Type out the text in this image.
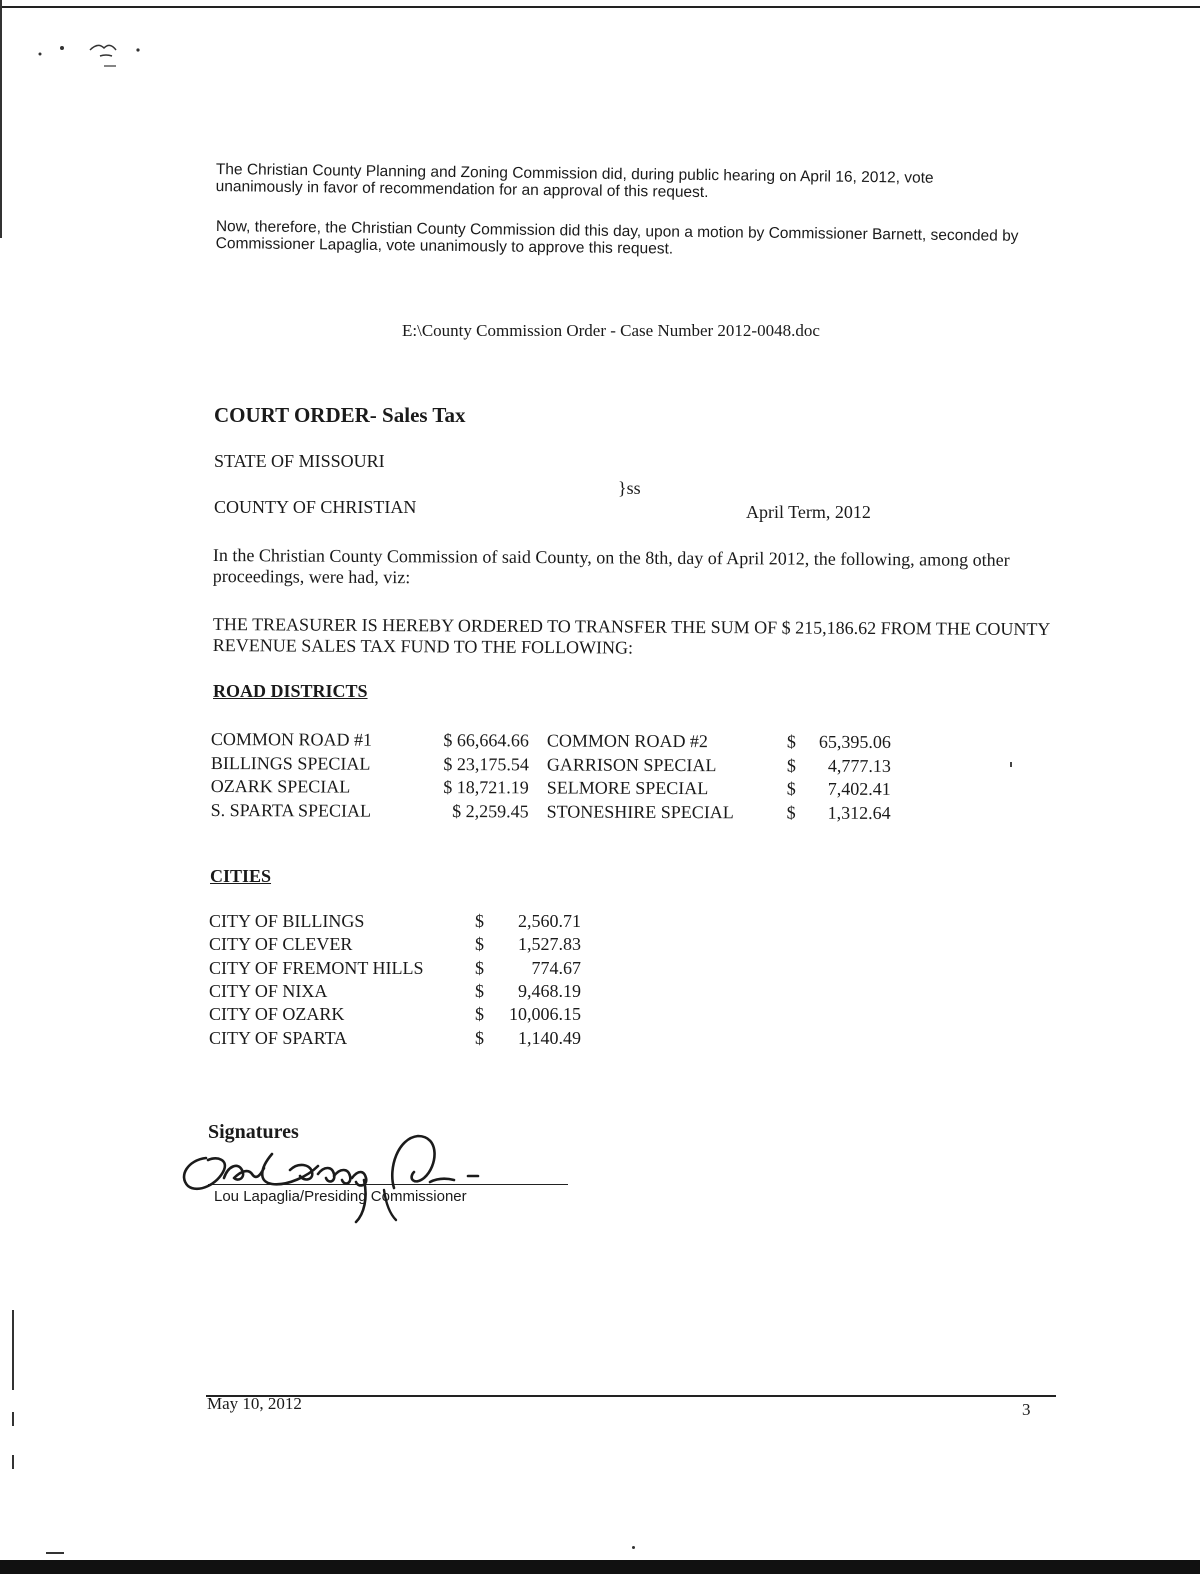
The Christian County Planning and Zoning Commission did, during public hearing on April 16, 2012, vote unanimously in favor of recommendation for an approval of this request.

Now, therefore, the Christian County Commission did this day, upon a motion by Commissioner Barnett, seconded by Commissioner Lapaglia, vote unanimously to approve this request.

E:\County Commission Order - Case Number 2012-0048.doc
COURT ORDER- Sales Tax
STATE OF MISSOURI
}ss
COUNTY OF CHRISTIAN	April Term, 2012
In the Christian County Commission of said County, on the 8th, day of April 2012, the following, among other proceedings, were had, viz:
THE TREASURER IS HEREBY ORDERED TO TRANSFER THE SUM OF $ 215,186.62 FROM THE COUNTY REVENUE SALES TAX FUND TO THE FOLLOWING:
ROAD DISTRICTS
COMMON ROAD #1	$ 66,664.66		COMMON ROAD #2	$	65,395.06
BILLINGS SPECIAL	$ 23,175.54		GARRISON SPECIAL	$	4,777.13
OZARK SPECIAL	$ 18,721.19		SELMORE SPECIAL	$	7,402.41
S. SPARTA SPECIAL	$ 2,259.45		STONESHIRE SPECIAL	$	1,312.64
CITIES
CITY OF BILLINGS	$	2,560.71
CITY OF CLEVER	$	1,527.83
CITY OF FREMONT HILLS	$	774.67
CITY OF NIXA	$	9,468.19
CITY OF OZARK	$	10,006.15
CITY OF SPARTA	$	1,140.49
Signatures
Lou Lapaglia/Presiding Commissioner
May 10, 2012	3
